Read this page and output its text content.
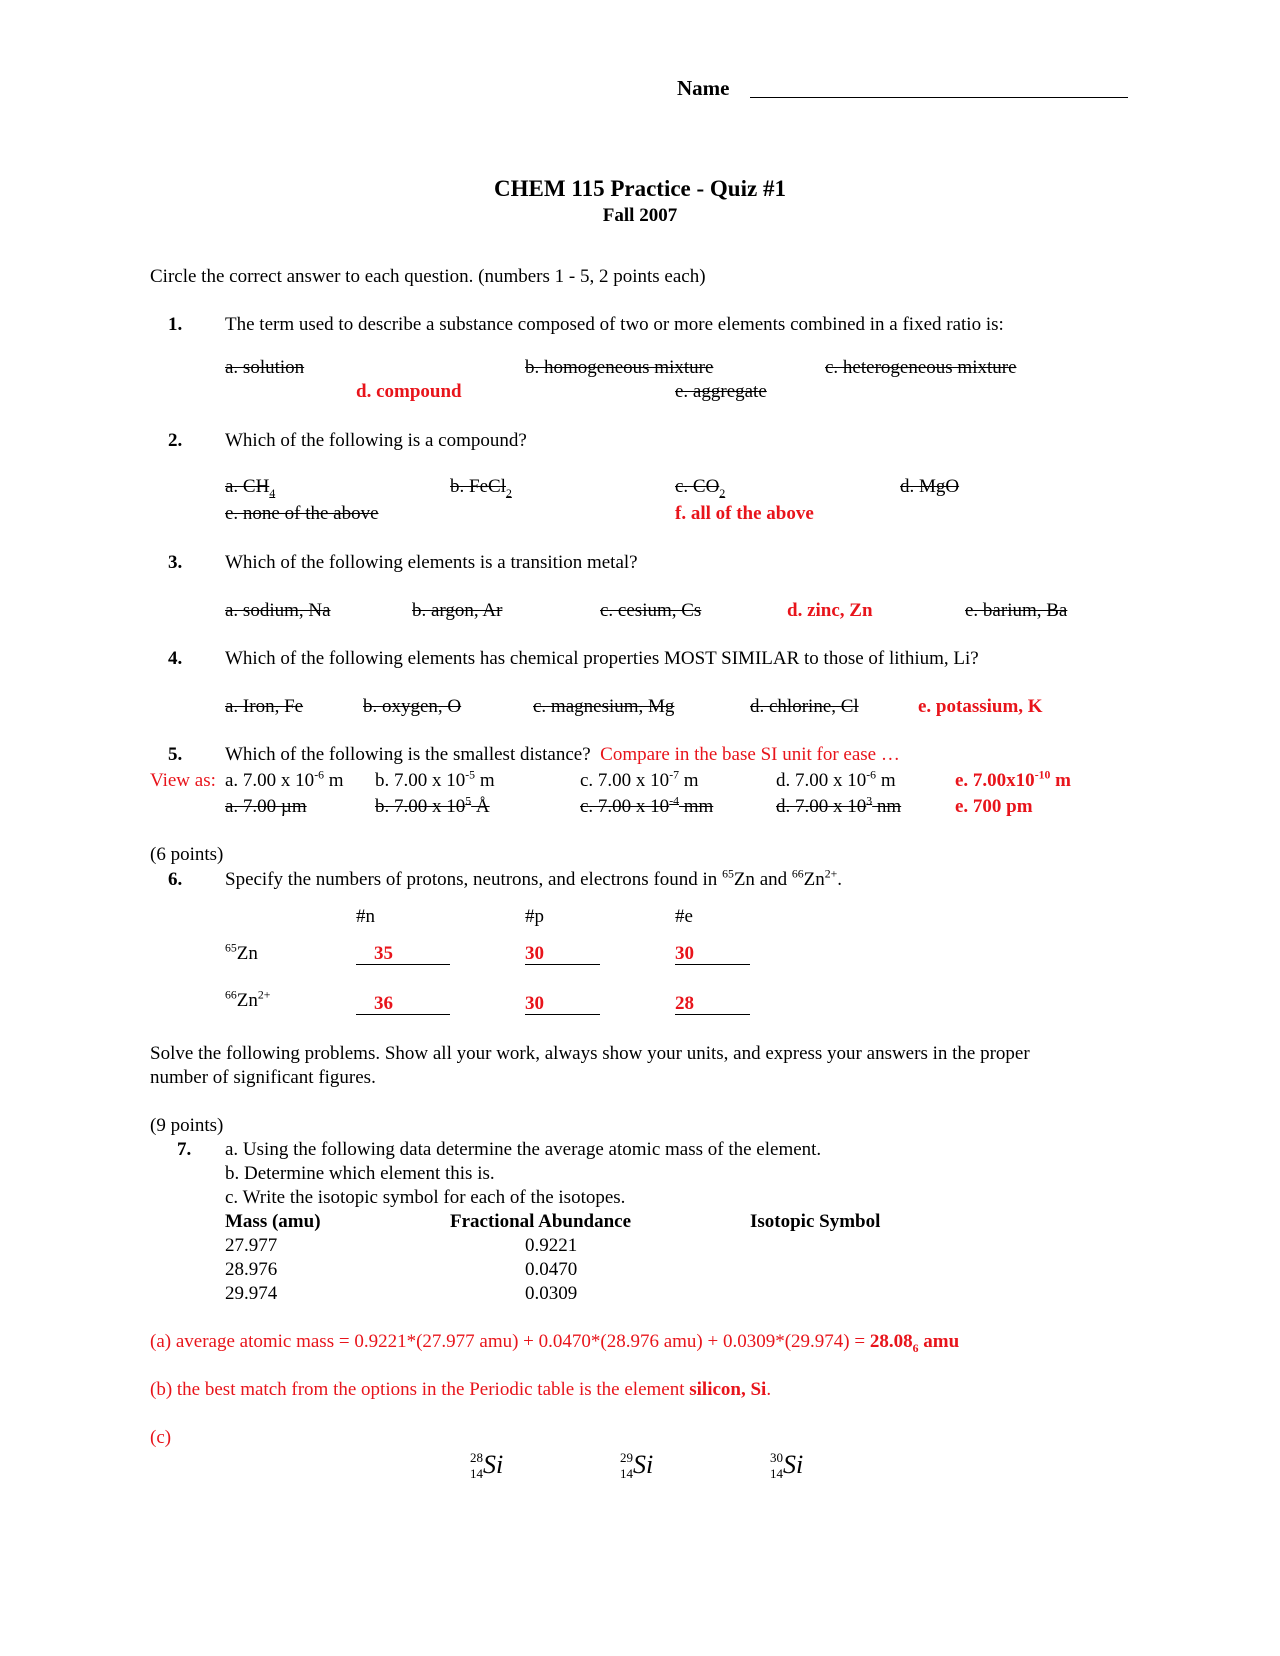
Name
CHEM 115 Practice - Quiz #1
Fall 2007
Circle the correct answer to each question. (numbers 1 - 5, 2 points each)
1. The term used to describe a substance composed of two or more elements combined in a fixed ratio is:
a. solution	b. homogeneous mixture	c. heterogeneous mixture
d. compound	e. aggregate
2. Which of the following is a compound?
a. $CH_4$	b. FeCl$_2$	c. $CO_2$	d. MgO
e. none of the above	f. all of the above
3. Which of the following elements is a transition metal?
a. sodium, Na	b. argon, Ar	c. cesium, Cs	d. zinc, Zn	e. barium, Ba
4. Which of the following elements has chemical properties MOST SIMILAR to those of lithium, Li?
a. Iron, Fe	b. oxygen, O	c. magnesium, Mg	d. chlorine, Cl	e. potassium, K
5. Which of the following is the smallest distance? Compare in the base SI unit for ease …
View as: a. 7.00 x $10^{-6}$ m b. 7.00 x $10^{-5}$ m	c. 7.00 x $10^{-7}$ m	d. 7.00 x $10^{-6}$ m	e. $7.00x10^{-10}$ m
a. 7.00 µm	b. 7.00 x $10^5$ Å	c. 7.00 x $10^{-4}$ mm	d. 7.00 x $10^3$ nm	e. 700 pm
(6 points)
6. Specify the numbers of protons, neutrons, and electrons found in $^{65}$Zn and $^{66}Zn^{2+}$.
#n	#p	#e
$^{65}$Zn	35	30	30
$^{66}Zn^{2+}$	36	30	28
Solve the following problems. Show all your work, always show your units, and express your answers in the proper
number of significant figures.
(9 points)
7. a. Using the following data determine the average atomic mass of the element.
b. Determine which element this is.
c. Write the isotopic symbol for each of the isotopes.
Mass (amu)	Fractional Abundance	Isotopic Symbol
27.977	0.9221
28.976	0.0470
29.974	0.0309
(a) average atomic mass = 0.9221*(27.977 amu) + 0.0470*(28.976 $amu) + 0.0309*(29.974) = 28.08_6$ amu
(b) the best match from the options in the Periodic table is the element silicon, Si.
(c)
28
14 Si	29
14 Si	30
14 Si
